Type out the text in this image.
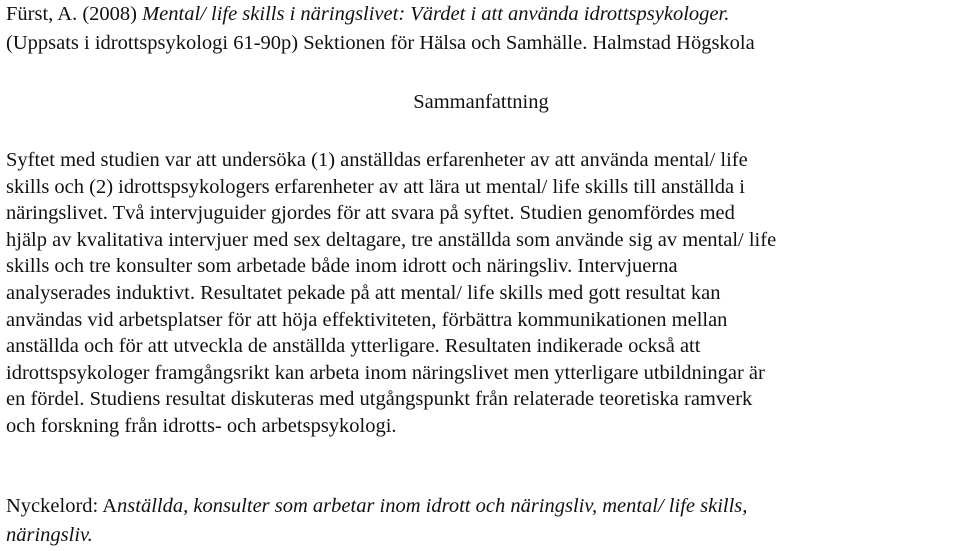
Fürst, A. (2008) Mental/ life skills i näringslivet: Värdet i att använda idrottspsykologer.
(Uppsats i idrottspsykologi 61-90p) Sektionen för Hälsa och Samhälle. Halmstad Högskola

Sammanfattning

Syftet med studien var att undersöka (1) anställdas erfarenheter av att använda mental/ life
skills och (2) idrottspsykologers erfarenheter av att lära ut mental/ life skills till anställda i
näringslivet. Två intervjuguider gjordes för att svara på syftet. Studien genomfördes med
hjälp av kvalitativa intervjuer med sex deltagare, tre anställda som använde sig av mental/ life
skills och tre konsulter som arbetade både inom idrott och näringsliv. Intervjuerna
analyserades induktivt. Resultatet pekade på att mental/ life skills med gott resultat kan
användas vid arbetsplatser för att höja effektiviteten, förbättra kommunikationen mellan
anställda och för att utveckla de anställda ytterligare. Resultaten indikerade också att
idrottspsykologer framgångsrikt kan arbeta inom näringslivet men ytterligare utbildningar är
en fördel. Studiens resultat diskuteras med utgångspunkt från relaterade teoretiska ramverk
och forskning från idrotts- och arbetspsykologi.

Nyckelord: Anställda, konsulter som arbetar inom idrott och näringsliv, mental/ life skills,
näringsliv.
